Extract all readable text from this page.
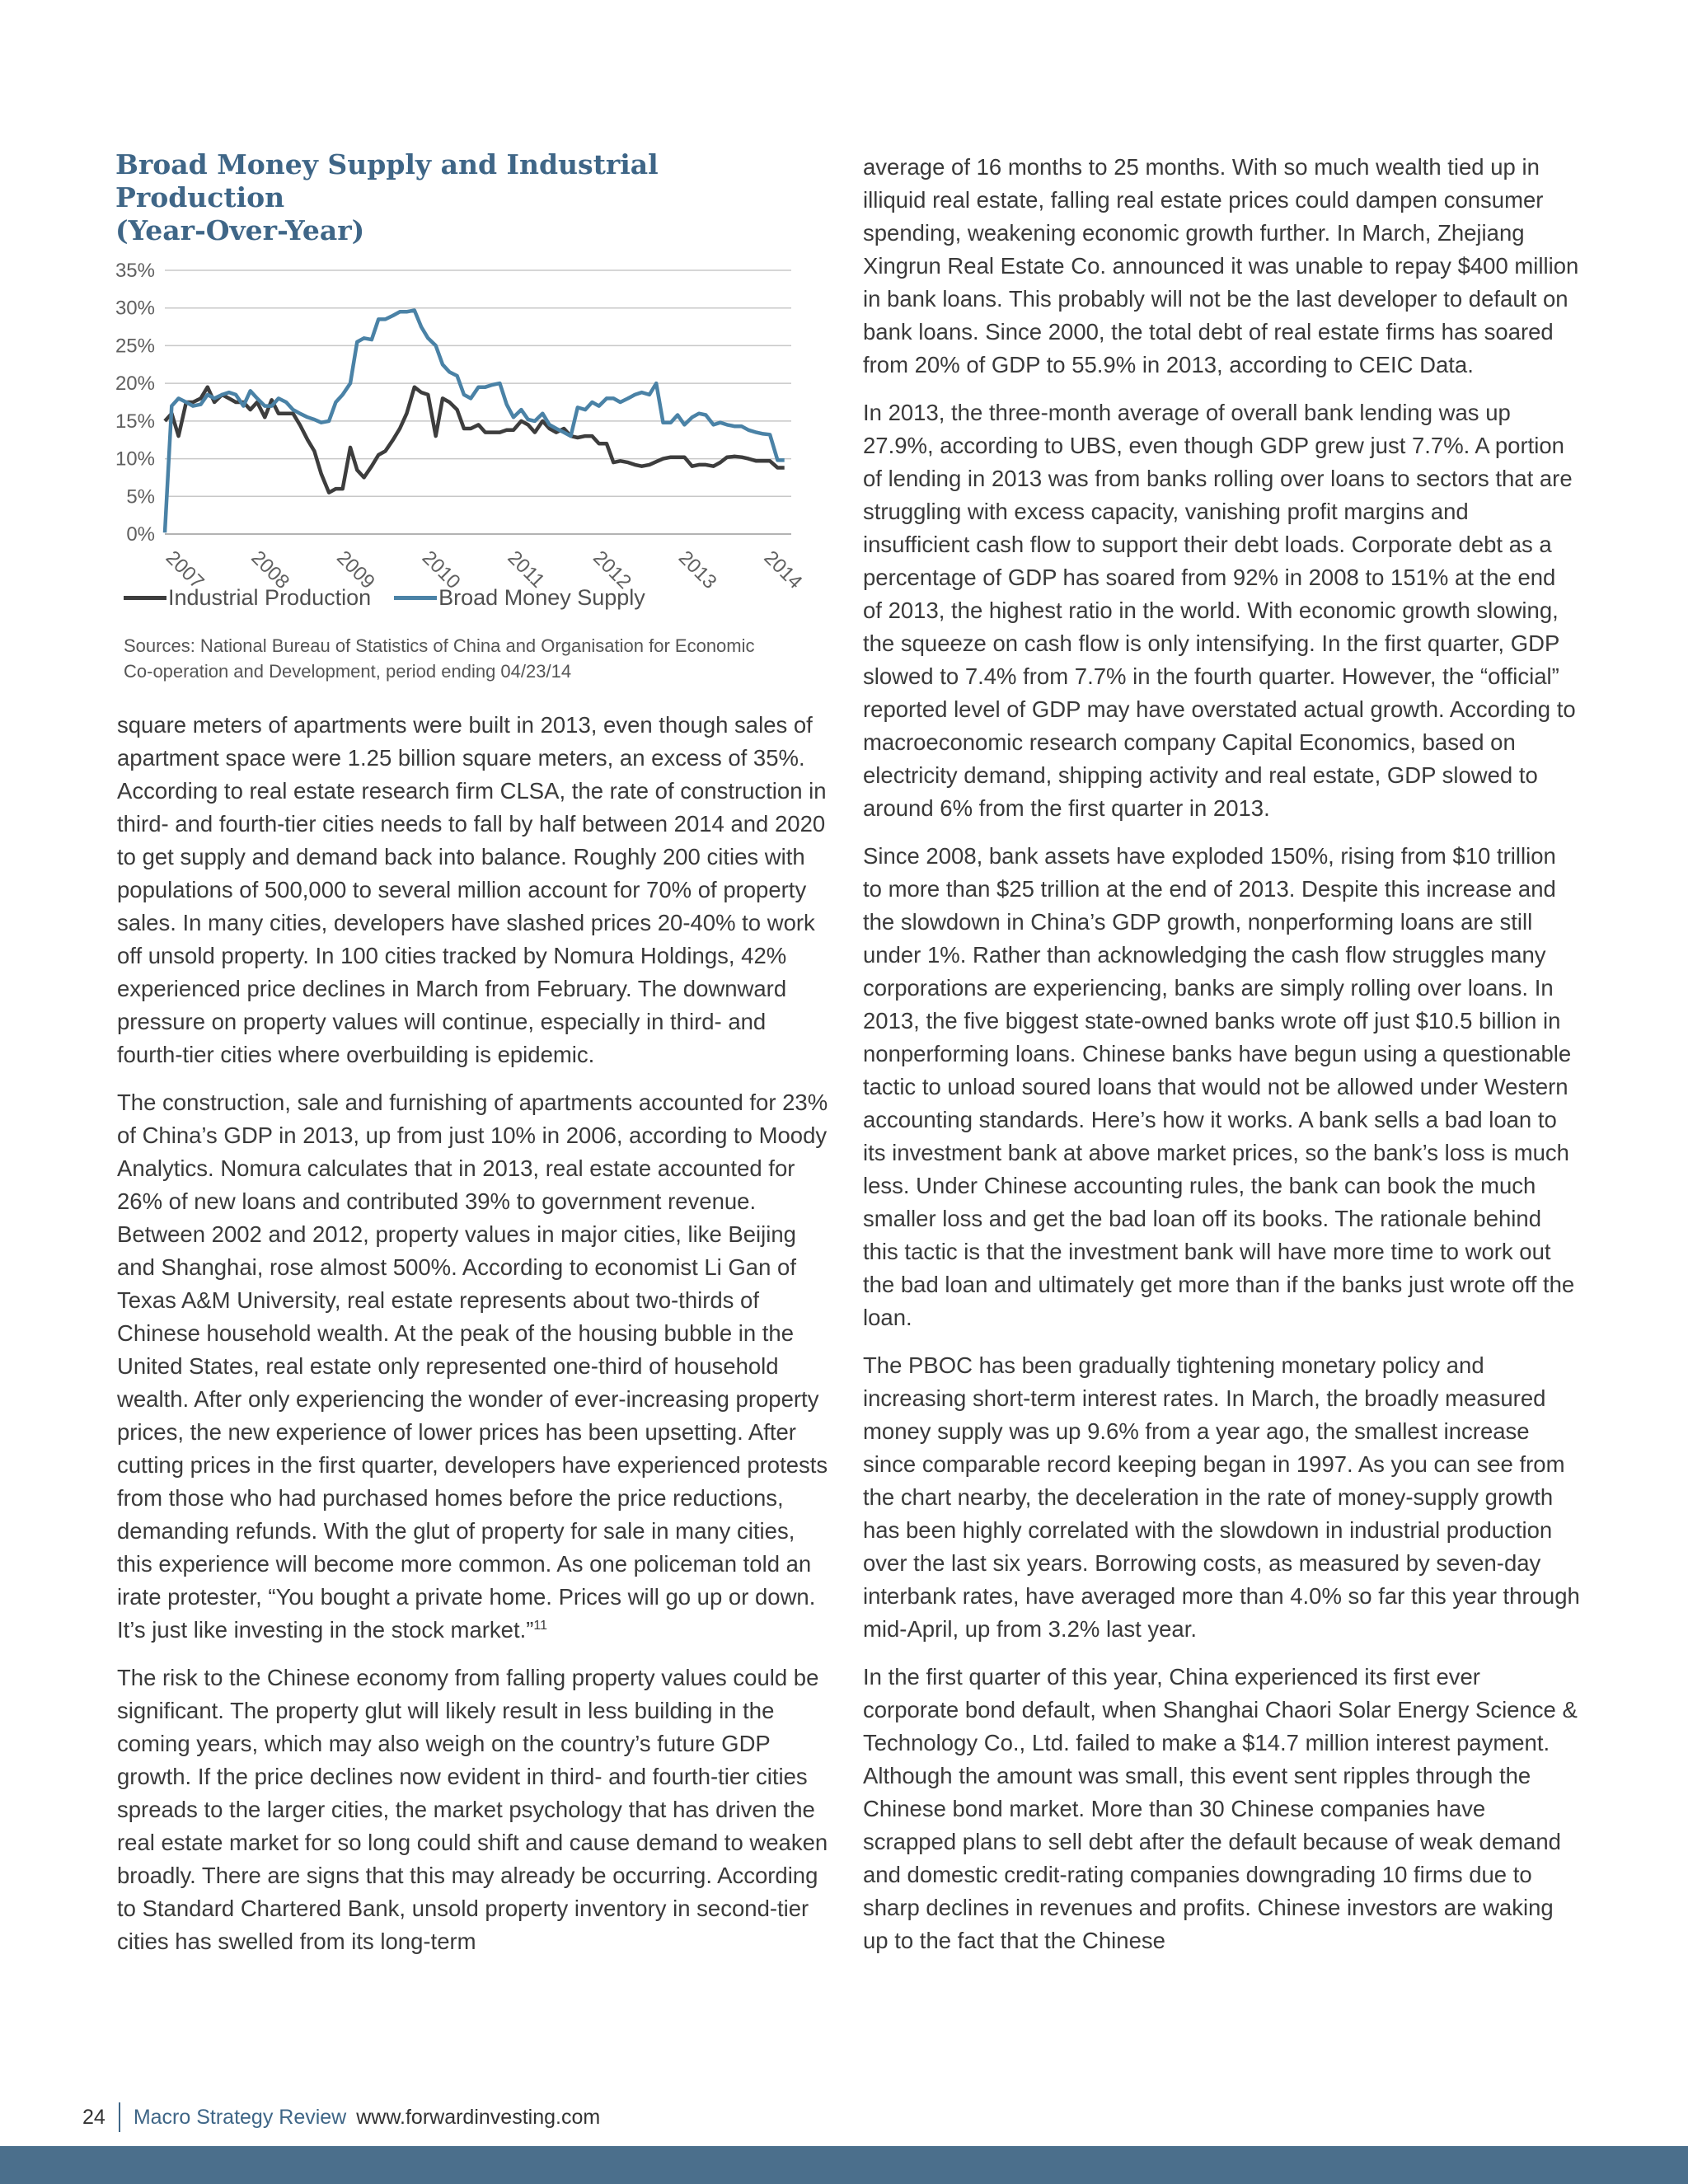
Broad Money Supply and Industrial Production
(Year-Over-Year)
0%
5%
10%
15%
20%
25%
30%
35%
2007 2008 2009 2010 2011 2012 2013 2014
Industrial Production	Broad Money Supply
Sources: National Bureau of Statistics of China and Organisation for Economic
Co-operation and Development, period ending 04/23/14

square meters of apartments were built in 2013, even though sales of apartment space were 1.25 billion square meters, an excess of 35%. According to real estate research firm CLSA, the rate of construction in third- and fourth-tier cities needs to fall by half between 2014 and 2020 to get supply and demand back into balance. Roughly 200 cities with populations of 500,000 to several million account for 70% of property sales. In many cities, developers have slashed prices 20-40% to work off unsold property. In 100 cities tracked by Nomura Holdings, 42% experienced price declines in March from February. The downward pressure on property values will continue, especially in third- and fourth-tier cities where overbuilding is epidemic.

The construction, sale and furnishing of apartments accounted for 23% of China’s GDP in 2013, up from just 10% in 2006, according to Moody Analytics. Nomura calculates that in 2013, real estate accounted for 26% of new loans and contributed 39% to government revenue. Between 2002 and 2012, property values in major cities, like Beijing and Shanghai, rose almost 500%. According to economist Li Gan of Texas A&M University, real estate represents about two-thirds of Chinese household wealth. At the peak of the housing bubble in the United States, real estate only represented one-third of household wealth. After only experiencing the wonder of ever-increasing property prices, the new experience of lower prices has been upsetting. After cutting prices in the first quarter, developers have experienced protests from those who had purchased homes before the price reductions, demanding refunds. With the glut of property for sale in many cities, this experience will become more common. As one policeman told an irate protester, “You bought a private home. Prices will go up or down. It’s just like investing in the stock market.”$^{11}$

The risk to the Chinese economy from falling property values could be significant. The property glut will likely result in less building in the coming years, which may also weigh on the country’s future GDP growth. If the price declines now evident in third- and fourth-tier cities spreads to the larger cities, the market psychology that has driven the real estate market for so long could shift and cause demand to weaken broadly. There are signs that this may already be occurring. According to Standard Chartered Bank, unsold property inventory in second-tier cities has swelled from its long-term

average of 16 months to 25 months. With so much wealth tied up in illiquid real estate, falling real estate prices could dampen consumer spending, weakening economic growth further. In March, Zhejiang Xingrun Real Estate Co. announced it was unable to repay $400 million in bank loans. This probably will not be the last developer to default on bank loans. Since 2000, the total debt of real estate firms has soared from 20% of GDP to 55.9% in 2013, according to CEIC Data.

In 2013, the three-month average of overall bank lending was up 27.9%, according to UBS, even though GDP grew just 7.7%. A portion of lending in 2013 was from banks rolling over loans to sectors that are struggling with excess capacity, vanishing profit margins and insufficient cash flow to support their debt loads. Corporate debt as a percentage of GDP has soared from 92% in 2008 to 151% at the end of 2013, the highest ratio in the world. With economic growth slowing, the squeeze on cash flow is only intensifying. In the first quarter, GDP slowed to 7.4% from 7.7% in the fourth quarter. However, the “official” reported level of GDP may have overstated actual growth. According to macroeconomic research company Capital Economics, based on electricity demand, shipping activity and real estate, GDP slowed to around 6% from the first quarter in 2013.

Since 2008, bank assets have exploded 150%, rising from $10 trillion to more than $25 trillion at the end of 2013. Despite this increase and the slowdown in China’s GDP growth, nonperforming loans are still under 1%. Rather than acknowledging the cash flow struggles many corporations are experiencing, banks are simply rolling over loans. In 2013, the five biggest state-owned banks wrote off just $10.5 billion in nonperforming loans. Chinese banks have begun using a questionable tactic to unload soured loans that would not be allowed under Western accounting standards. Here’s how it works. A bank sells a bad loan to its investment bank at above market prices, so the bank’s loss is much less. Under Chinese accounting rules, the bank can book the much smaller loss and get the bad loan off its books. The rationale behind this tactic is that the investment bank will have more time to work out the bad loan and ultimately get more than if the banks just wrote off the loan.

The PBOC has been gradually tightening monetary policy and increasing short-term interest rates. In March, the broadly measured money supply was up 9.6% from a year ago, the smallest increase since comparable record keeping began in 1997. As you can see from the chart nearby, the deceleration in the rate of money-supply growth has been highly correlated with the slowdown in industrial production over the last six years. Borrowing costs, as measured by seven-day interbank rates, have averaged more than 4.0% so far this year through mid-April, up from 3.2% last year.

In the first quarter of this year, China experienced its first ever corporate bond default, when Shanghai Chaori Solar Energy Science & Technology Co., Ltd. failed to make a $14.7 million interest payment. Although the amount was small, this event sent ripples through the Chinese bond market. More than 30 Chinese companies have scrapped plans to sell debt after the default because of weak demand and domestic credit-rating companies downgrading 10 firms due to sharp declines in revenues and profits. Chinese investors are waking up to the fact that the Chinese

24 Macro Strategy Review www.forwardinvesting.com
